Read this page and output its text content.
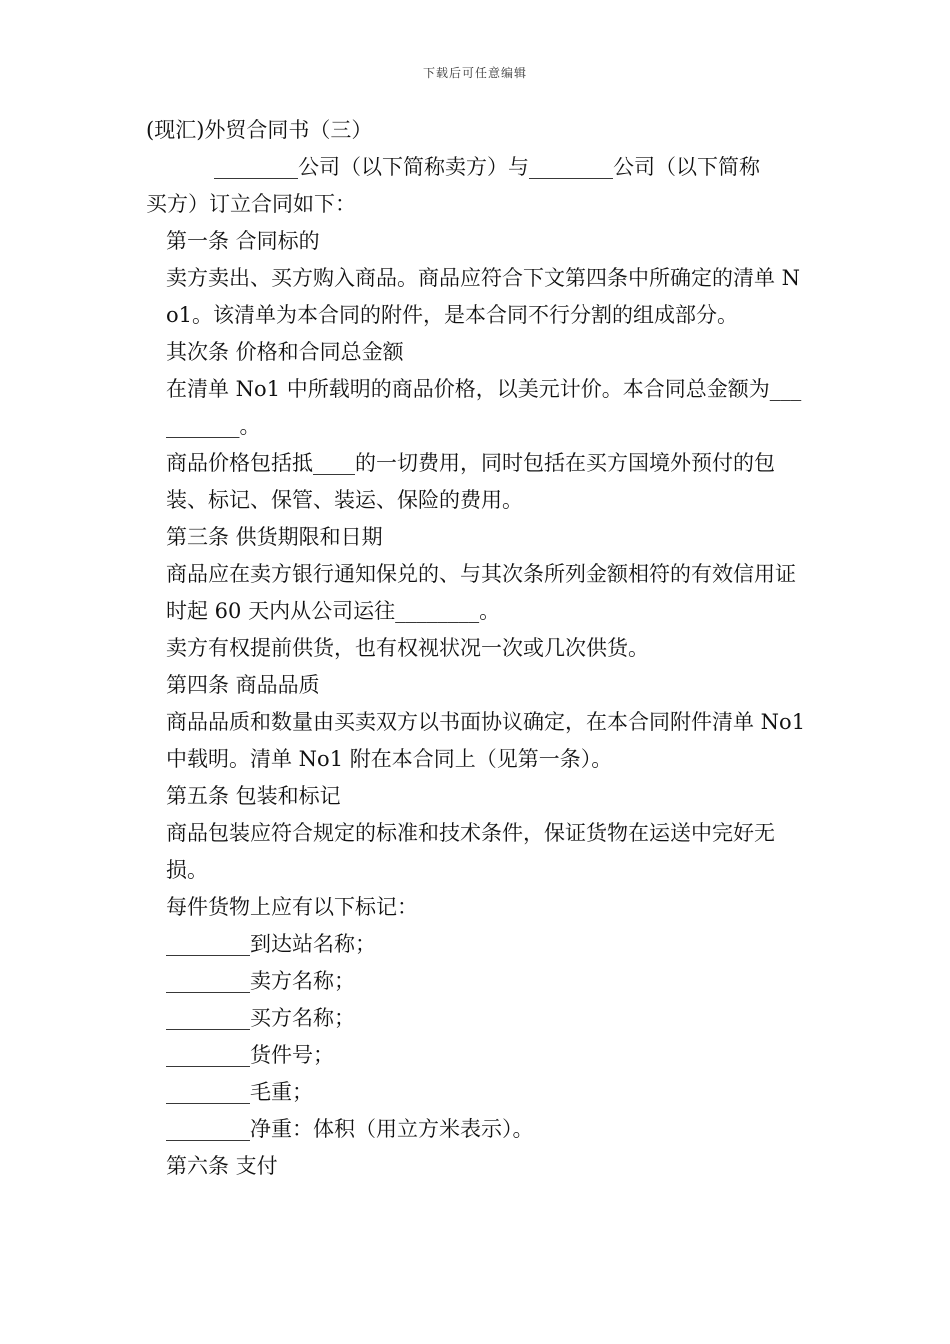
下载后可任意编辑

(现汇)外贸合同书（三）

________公司（以下简称卖方）与________公司（以下简称

买方）订立合同如下：

第一条 合同标的

卖方卖出、买方购入商品。商品应符合下文第四条中所确定的清单 No1。该清单为本合同的附件，是本合同不行分割的组成部分。

其次条 价格和合同总金额

在清单 No1 中所载明的商品价格，以美元计价。本合同总金额为__________。

商品价格包括抵____的一切费用，同时包括在买方国境外预付的包装、标记、保管、装运、保险的费用。

第三条 供货期限和日期

商品应在卖方银行通知保兑的、与其次条所列金额相符的有效信用证时起 60 天内从公司运往________。

卖方有权提前供货，也有权视状况一次或几次供货。

第四条 商品品质

商品品质和数量由买卖双方以书面协议确定，在本合同附件清单 No1 中载明。清单 No1 附在本合同上（见第一条）。

第五条 包装和标记

商品包装应符合规定的标准和技术条件，保证货物在运送中完好无损。

每件货物上应有以下标记：

________到达站名称；

________卖方名称；

________买方名称；

________货件号；

________毛重；

________净重：体积（用立方米表示）。

第六条 支付
